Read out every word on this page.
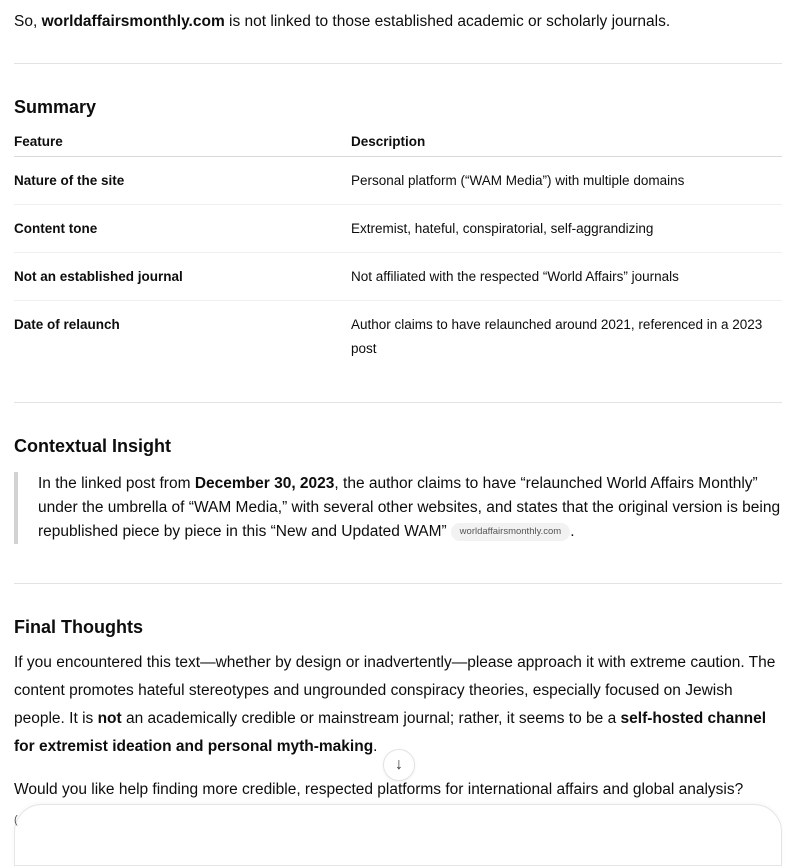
So, worldaffairsmonthly.com is not linked to those established academic or scholarly journals.

Summary
Feature	Description
Nature of the site	Personal platform (“WAM Media”) with multiple domains
Content tone	Extremist, hateful, conspiratorial, self-aggrandizing
Not an established journal	Not affiliated with the respected “World Affairs” journals
Date of relaunch	Author claims to have relaunched around 2021, referenced in a 2023 post
Contextual Insight
In the linked post from December 30, 2023, the author claims to have “relaunched World Affairs Monthly” under the umbrella of “WAM Media,” with several other websites, and states that the original version is being republished piece by piece in this “New and Updated WAM” worldaffairsmonthly.com .
Final Thoughts

If you encountered this text—whether by design or inadvertently—please approach it with extreme caution. The content promotes hateful stereotypes and ungrounded conspiracy theories, especially focused on Jewish people. It is not an academically credible or mainstream journal; rather, it seems to be a self-hosted channel for extremist ideation and personal myth-making.

Would you like help finding more credible, respected platforms for international affairs and global analysis?

↓
(
